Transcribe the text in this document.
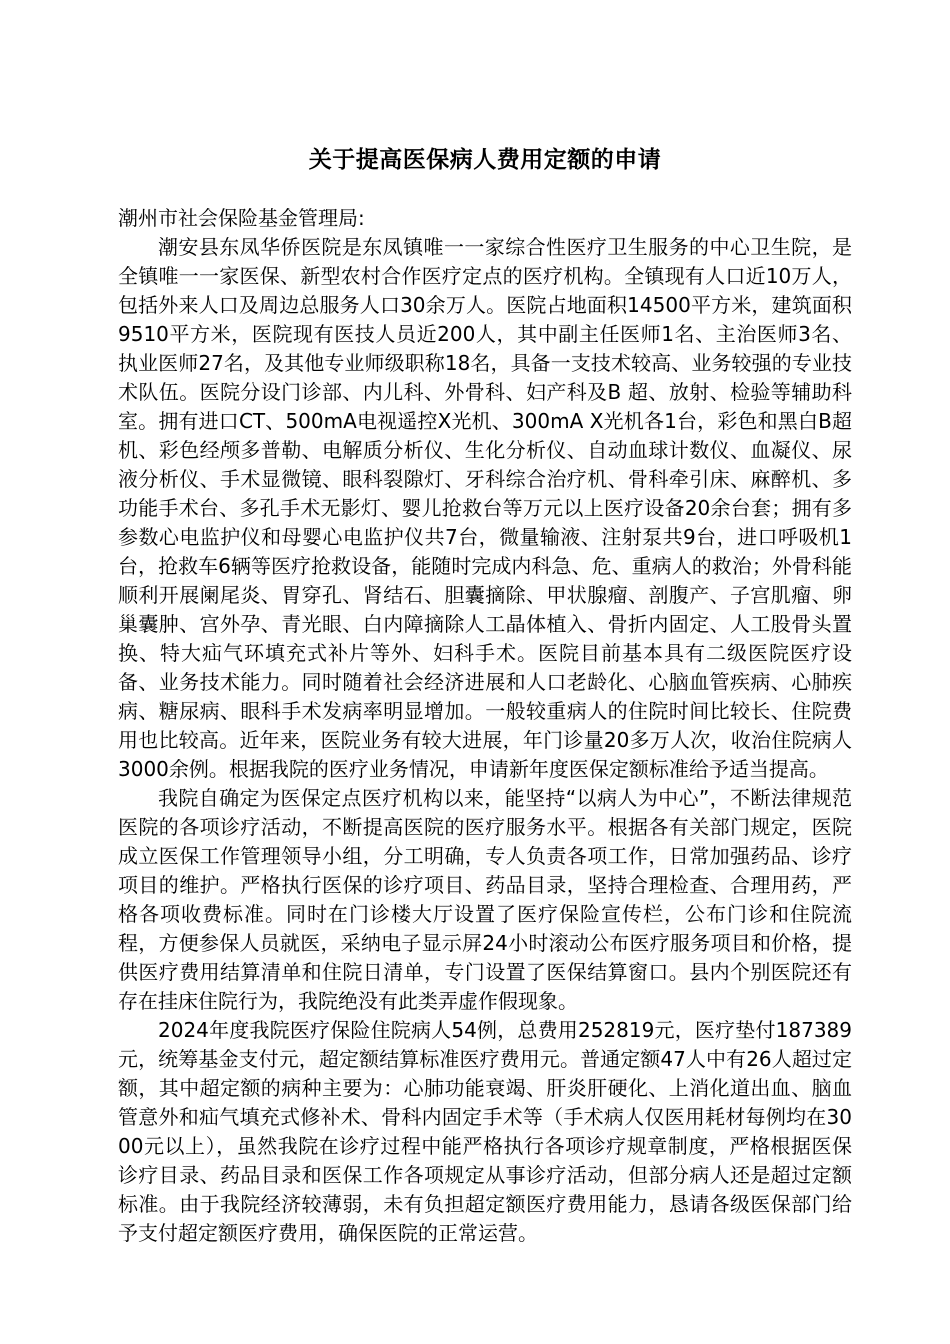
关于提高医保病人费用定额的申请

潮州市社会保险基金管理局:

潮安县东凤华侨医院是东凤镇唯一一家综合性医疗卫生服务的中心卫生院，是全镇唯一一家医保、新型农村合作医疗定点的医疗机构。全镇现有人口近10万人，包括外来人口及周边总服务人口30余万人。医院占地面积14500平方米，建筑面积9510平方米，医院现有医技人员近200人，其中副主任医师1名、主治医师3名、执业医师27名，及其他专业师级职称18名，具备一支技术较高、业务较强的专业技术队伍。医院分设门诊部、内儿科、外骨科、妇产科及B 超、放射、检验等辅助科室。拥有进口CT、500mA电视遥控X光机、300mA X光机各1台，彩色和黑白B超机、彩色经颅多普勒、电解质分析仪、生化分析仪、自动血球计数仪、血凝仪、尿液分析仪、手术显微镜、眼科裂隙灯、牙科综合治疗机、骨科牵引床、麻醉机、多功能手术台、多孔手术无影灯、婴儿抢救台等万元以上医疗设备20余台套；拥有多参数心电监护仪和母婴心电监护仪共7台，微量输液、注射泵共9台，进口呼吸机1台，抢救车6辆等医疗抢救设备，能随时完成内科急、危、重病人的救治；外骨科能顺利开展阑尾炎、胃穿孔、肾结石、胆囊摘除、甲状腺瘤、剖腹产、子宫肌瘤、卵巢囊肿、宫外孕、青光眼、白内障摘除人工晶体植入、骨折内固定、人工股骨头置换、特大疝气环填充式补片等外、妇科手术。医院目前基本具有二级医院医疗设备、业务技术能力。同时随着社会经济进展和人口老龄化、心脑血管疾病、心肺疾病、糖尿病、眼科手术发病率明显增加。一般较重病人的住院时间比较长、住院费用也比较高。近年来，医院业务有较大进展，年门诊量20多万人次，收治住院病人3000余例。根据我院的医疗业务情况，申请新年度医保定额标准给予适当提高。

我院自确定为医保定点医疗机构以来，能坚持“以病人为中心”，不断法律规范医院的各项诊疗活动，不断提高医院的医疗服务水平。根据各有关部门规定，医院成立医保工作管理领导小组，分工明确，专人负责各项工作，日常加强药品、诊疗项目的维护。严格执行医保的诊疗项目、药品目录，坚持合理检查、合理用药，严格各项收费标准。同时在门诊楼大厅设置了医疗保险宣传栏，公布门诊和住院流程，方便参保人员就医，采纳电子显示屏24小时滚动公布医疗服务项目和价格，提供医疗费用结算清单和住院日清单，专门设置了医保结算窗口。县内个别医院还有存在挂床住院行为，我院绝没有此类弄虚作假现象。

2024年度我院医疗保险住院病人54例，总费用252819元，医疗垫付187389元，统筹基金支付元，超定额结算标准医疗费用元。普通定额47人中有26人超过定额，其中超定额的病种主要为：心肺功能衰竭、肝炎肝硬化、上消化道出血、脑血管意外和疝气填充式修补术、骨科内固定手术等（手术病人仅医用耗材每例均在3000元以上），虽然我院在诊疗过程中能严格执行各项诊疗规章制度，严格根据医保诊疗目录、药品目录和医保工作各项规定从事诊疗活动，但部分病人还是超过定额标准。由于我院经济较薄弱，未有负担超定额医疗费用能力，恳请各级医保部门给予支付超定额医疗费用，确保医院的正常运营。
